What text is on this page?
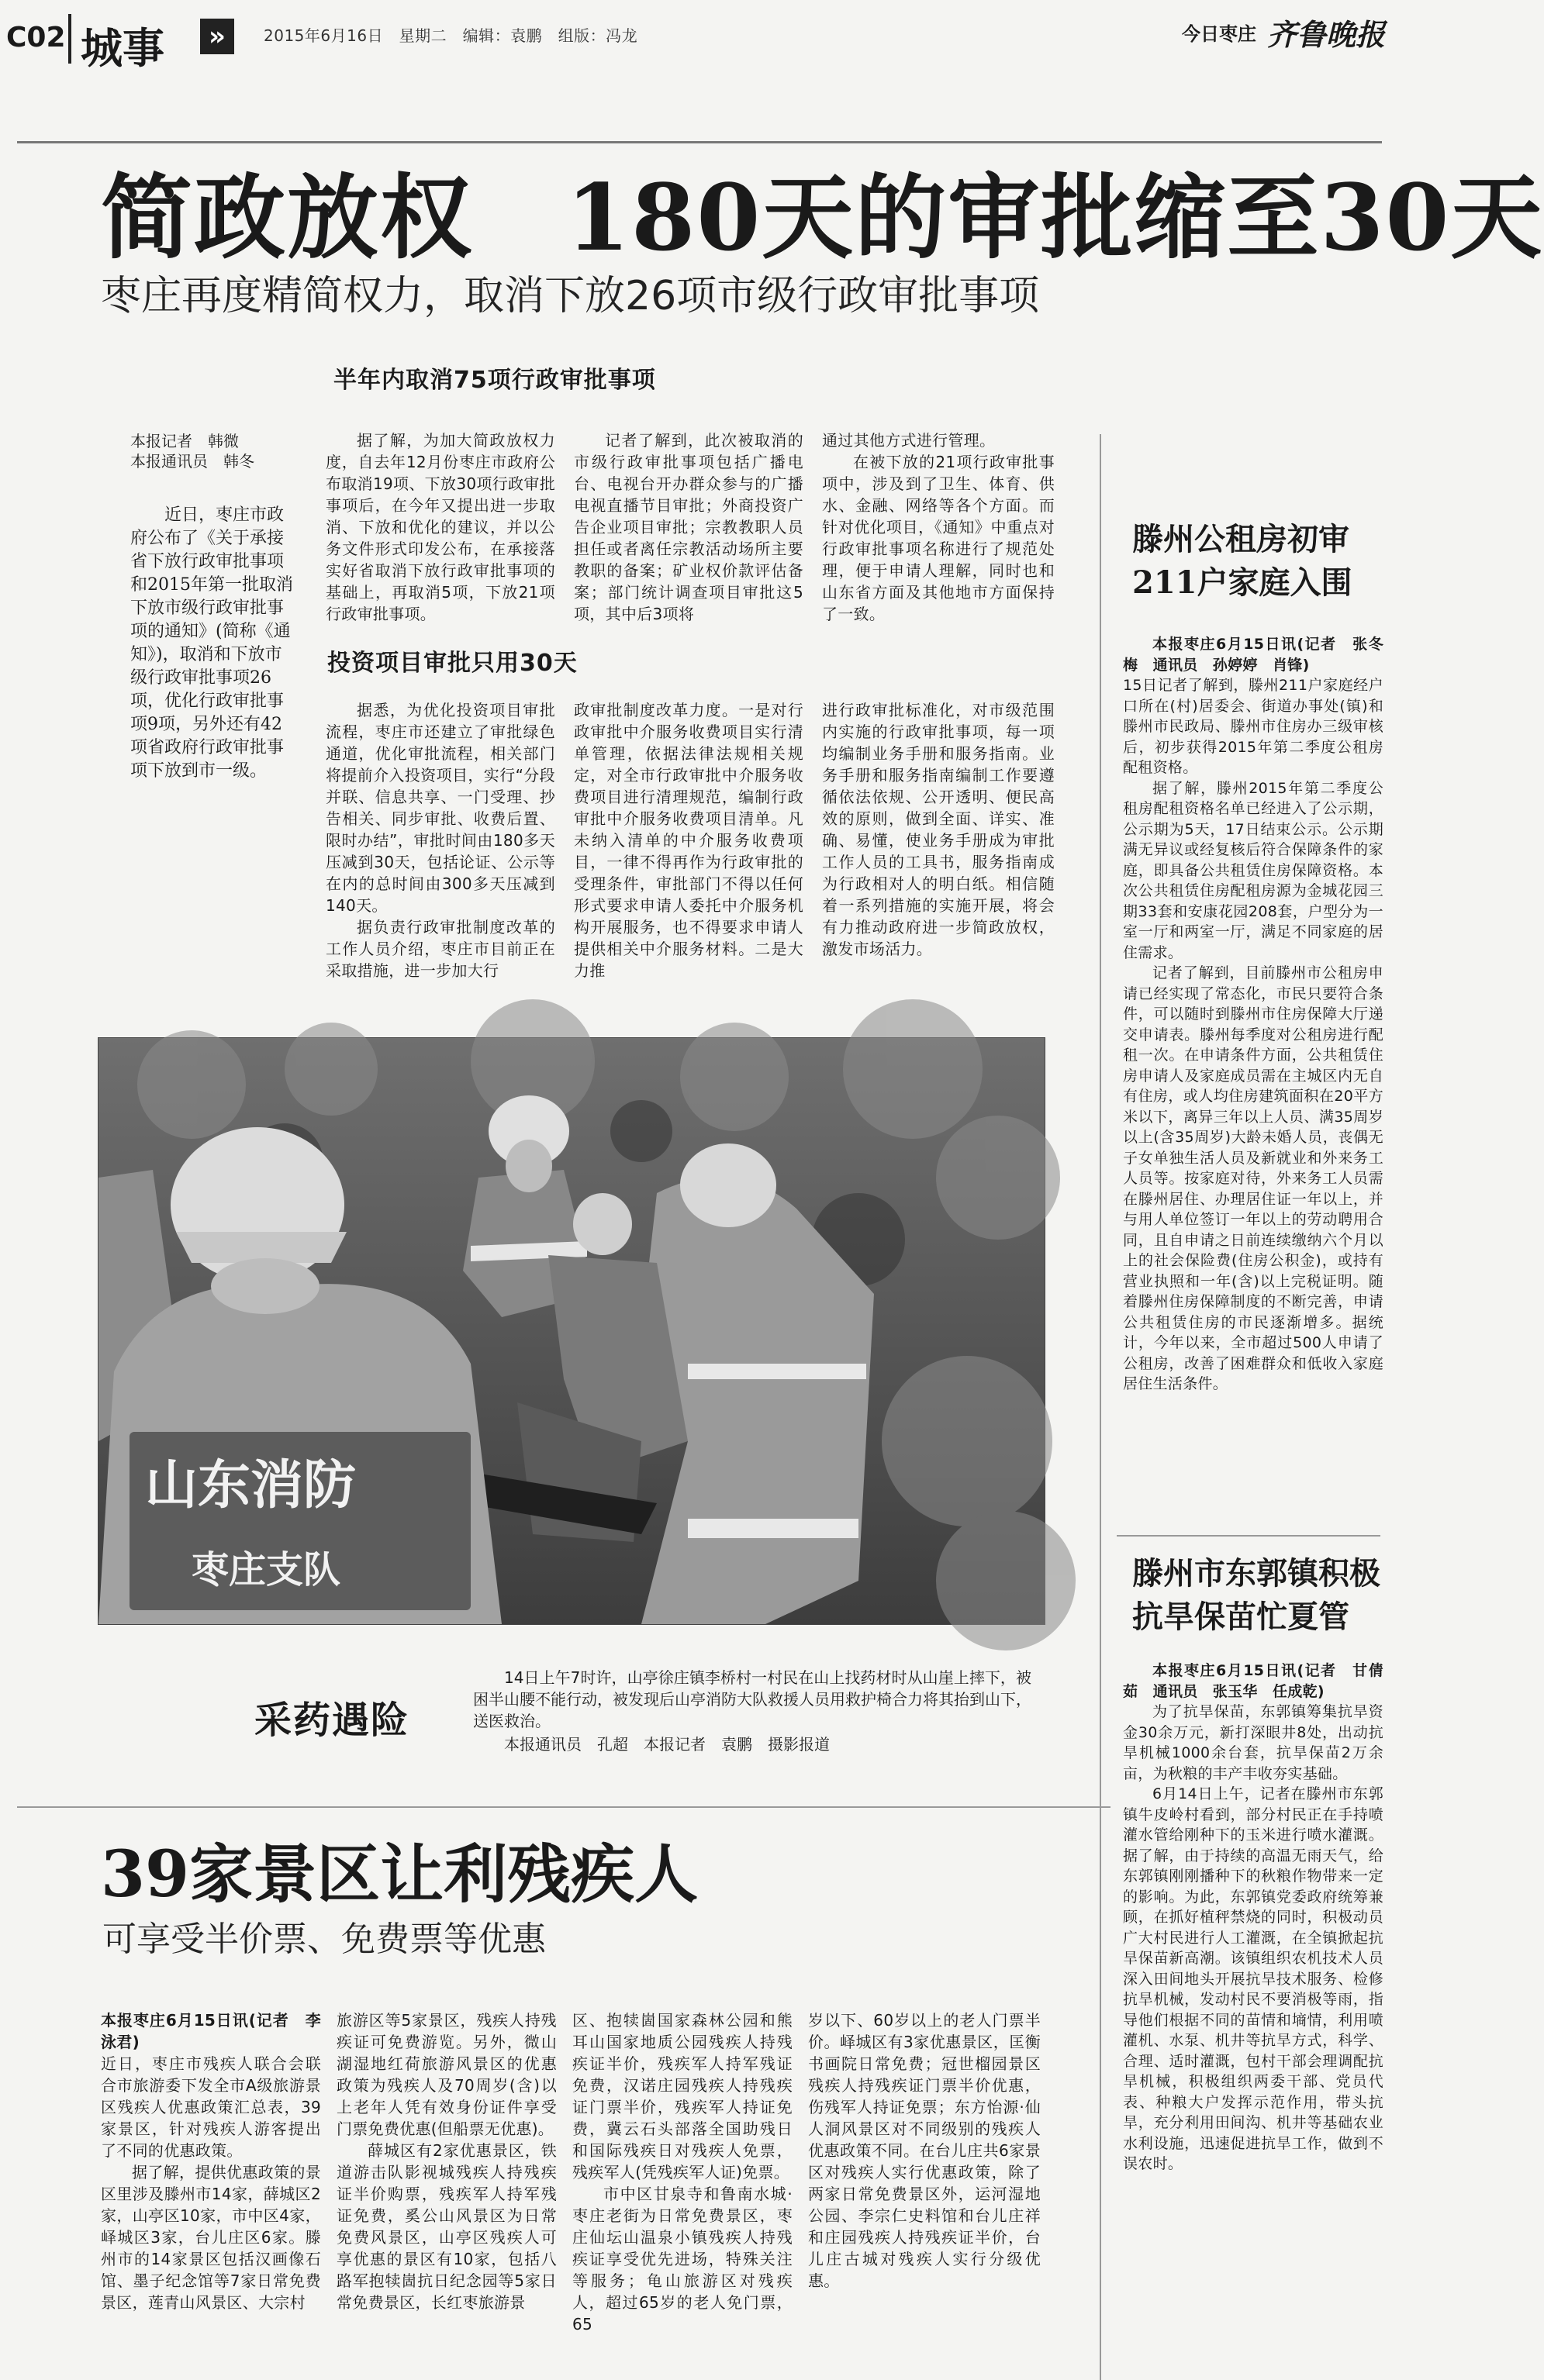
C02 城事	»	2015年6月16日　星期二　编辑：袁鹏　组版：冯龙	今日枣庄 齐鲁晚报
简政放权　180天的审批缩至30天
枣庄再度精简权力，取消下放26项市级行政审批事项
半年内取消75项行政审批事项
本报记者　韩微
本报通讯员　韩冬

近日，枣庄市政府公布了《关于承接省下放行政审批事项和2015年第一批取消下放市级行政审批事项的通知》(简称《通知》)，取消和下放市级行政审批事项26项，优化行政审批事项9项，另外还有42项省政府行政审批事项下放到市一级。

据了解，为加大简政放权力度，自去年12月份枣庄市政府公布取消19项、下放30项行政审批事项后，在今年又提出进一步取消、下放和优化的建议，并以公务文件形式印发公布，在承接落实好省取消下放行政审批事项的基础上，再取消5项，下放21项行政审批事项。

记者了解到，此次被取消的市级行政审批事项包括广播电台、电视台开办群众参与的广播电视直播节目审批；外商投资广告企业项目审批；宗教教职人员担任或者离任宗教活动场所主要教职的备案；矿业权价款评估备案；部门统计调查项目审批这5项，其中后3项将

通过其他方式进行管理。

在被下放的21项行政审批事项中，涉及到了卫生、体育、供水、金融、网络等各个方面。而针对优化项目，《通知》中重点对行政审批事项名称进行了规范处理，便于申请人理解，同时也和山东省方面及其他地市方面保持了一致。

投资项目审批只用30天

据悉，为优化投资项目审批流程，枣庄市还建立了审批绿色通道，优化审批流程，相关部门将提前介入投资项目，实行“分段并联、信息共享、一门受理、抄告相关、同步审批、收费后置、限时办结”，审批时间由180多天压减到30天，包括论证、公示等在内的总时间由300多天压减到140天。

据负责行政审批制度改革的工作人员介绍，枣庄市目前正在采取措施，进一步加大行

政审批制度改革力度。一是对行政审批中介服务收费项目实行清单管理，依据法律法规相关规定，对全市行政审批中介服务收费项目进行清理规范，编制行政审批中介服务收费项目清单。凡未纳入清单的中介服务收费项目，一律不得再作为行政审批的受理条件，审批部门不得以任何形式要求申请人委托中介服务机构开展服务，也不得要求申请人提供相关中介服务材料。二是大力推

进行政审批标准化，对市级范围内实施的行政审批事项，每一项均编制业务手册和服务指南。业务手册和服务指南编制工作要遵循依法依规、公开透明、便民高效的原则，做到全面、详实、准确、易懂，使业务手册成为审批工作人员的工具书，服务指南成为行政相对人的明白纸。相信随着一系列措施的实施开展，将会有力推动政府进一步简政放权，激发市场活力。

滕州公租房初审211户家庭入围

本报枣庄6月15日讯(记者　张冬梅　通讯员　孙婷婷　肖锋)

15日记者了解到，滕州211户家庭经户口所在(村)居委会、街道办事处(镇)和滕州市民政局、滕州市住房办三级审核后，初步获得2015年第二季度公租房配租资格。

据了解，滕州2015年第二季度公租房配租资格名单已经进入了公示期，公示期为5天，17日结束公示。公示期满无异议或经复核后符合保障条件的家庭，即具备公共租赁住房保障资格。本次公共租赁住房配租房源为金城花园三期33套和安康花园208套，户型分为一室一厅和两室一厅，满足不同家庭的居住需求。

记者了解到，目前滕州市公租房申请已经实现了常态化，市民只要符合条件，可以随时到滕州市住房保障大厅递交申请表。滕州每季度对公租房进行配租一次。在申请条件方面，公共租赁住房申请人及家庭成员需在主城区内无自有住房，或人均住房建筑面积在20平方米以下，离异三年以上人员、满35周岁以上(含35周岁)大龄未婚人员，丧偶无子女单独生活人员及新就业和外来务工人员等。按家庭对待，外来务工人员需在滕州居住、办理居住证一年以上，并与用人单位签订一年以上的劳动聘用合同，且自申请之日前连续缴纳六个月以上的社会保险费(住房公积金)，或持有营业执照和一年(含)以上完税证明。随着滕州住房保障制度的不断完善，申请公共租赁住房的市民逐渐增多。据统计，今年以来，全市超过500人申请了公租房，改善了困难群众和低收入家庭居住生活条件。

滕州市东郭镇积极抗旱保苗忙夏管

本报枣庄6月15日讯(记者　甘倩茹　通讯员　张玉华　任成乾)

为了抗旱保苗，东郭镇筹集抗旱资金30余万元，新打深眼井8处，出动抗旱机械1000余台套，抗旱保苗2万余亩，为秋粮的丰产丰收夯实基础。

6月14日上午，记者在滕州市东郭镇牛皮岭村看到，部分村民正在手持喷灌水管给刚种下的玉米进行喷水灌溉。据了解，由于持续的高温无雨天气，给东郭镇刚刚播种下的秋粮作物带来一定的影响。为此，东郭镇党委政府统筹兼顾，在抓好植秤禁烧的同时，积极动员广大村民进行人工灌溉，在全镇掀起抗旱保苗新高潮。该镇组织农机技术人员深入田间地头开展抗旱技术服务、检修抗旱机械，发动村民不要消极等雨，指导他们根据不同的苗情和墒情，利用喷灌机、水泵、机井等抗旱方式，科学、合理、适时灌溉，包村干部会理调配抗旱机械，积极组织两委干部、党员代表、种粮大户发挥示范作用，带头抗旱，充分利用田间沟、机井等基础农业水利设施，迅速促进抗旱工作，做到不误农时。

山东消防
枣庄支队
采药遇险
14日上午7时许，山亭徐庄镇李桥村一村民在山上找药材时从山崖上摔下，被困半山腰不能行动，被发现后山亭消防大队救援人员用救护椅合力将其抬到山下，送医救治。
本报通讯员　孔超　本报记者　袁鹏　摄影报道
39家景区让利残疾人
可享受半价票、免费票等优惠

本报枣庄6月15日讯(记者　李泳君)

近日，枣庄市残疾人联合会联合市旅游委下发全市A级旅游景区残疾人优惠政策汇总表，39家景区，针对残疾人游客提出了不同的优惠政策。

据了解，提供优惠政策的景区里涉及滕州市14家，薛城区2家，山亭区10家，市中区4家，峄城区3家，台儿庄区6家。滕州市的14家景区包括汉画像石馆、墨子纪念馆等7家日常免费景区，莲青山风景区、大宗村

旅游区等5家景区，残疾人持残疾证可免费游览。另外，微山湖湿地红荷旅游风景区的优惠政策为残疾人及70周岁(含)以上老年人凭有效身份证件享受门票免费优惠(但船票无优惠)。

薛城区有2家优惠景区，铁道游击队影视城残疾人持残疾证半价购票，残疾军人持军残证免费，奚公山风景区为日常免费风景区，山亭区残疾人可享优惠的景区有10家，包括八路军抱犊崮抗日纪念园等5家日常免费景区，长红枣旅游景

区、抱犊崮国家森林公园和熊耳山国家地质公园残疾人持残疾证半价，残疾军人持军残证免费，汉诺庄园残疾人持残疾证门票半价，残疾军人持证免费，冀云石头部落全国助残日和国际残疾日对残疾人免票，残疾军人(凭残疾军人证)免票。

市中区甘泉寺和鲁南水城·枣庄老街为日常免费景区，枣庄仙坛山温泉小镇残疾人持残疾证享受优先进场，特殊关注等服务；龟山旅游区对残疾人，超过65岁的老人免门票，65

岁以下、60岁以上的老人门票半价。峄城区有3家优惠景区，匡衡书画院日常免费；冠世榴园景区残疾人持残疾证门票半价优惠，伤残军人持证免票；东方怡源·仙人洞风景区对不同级别的残疾人优惠政策不同。在台儿庄共6家景区对残疾人实行优惠政策，除了两家日常免费景区外，运河湿地公园、李宗仁史料馆和台儿庄祥和庄园残疾人持残疾证半价，台儿庄古城对残疾人实行分级优惠。
